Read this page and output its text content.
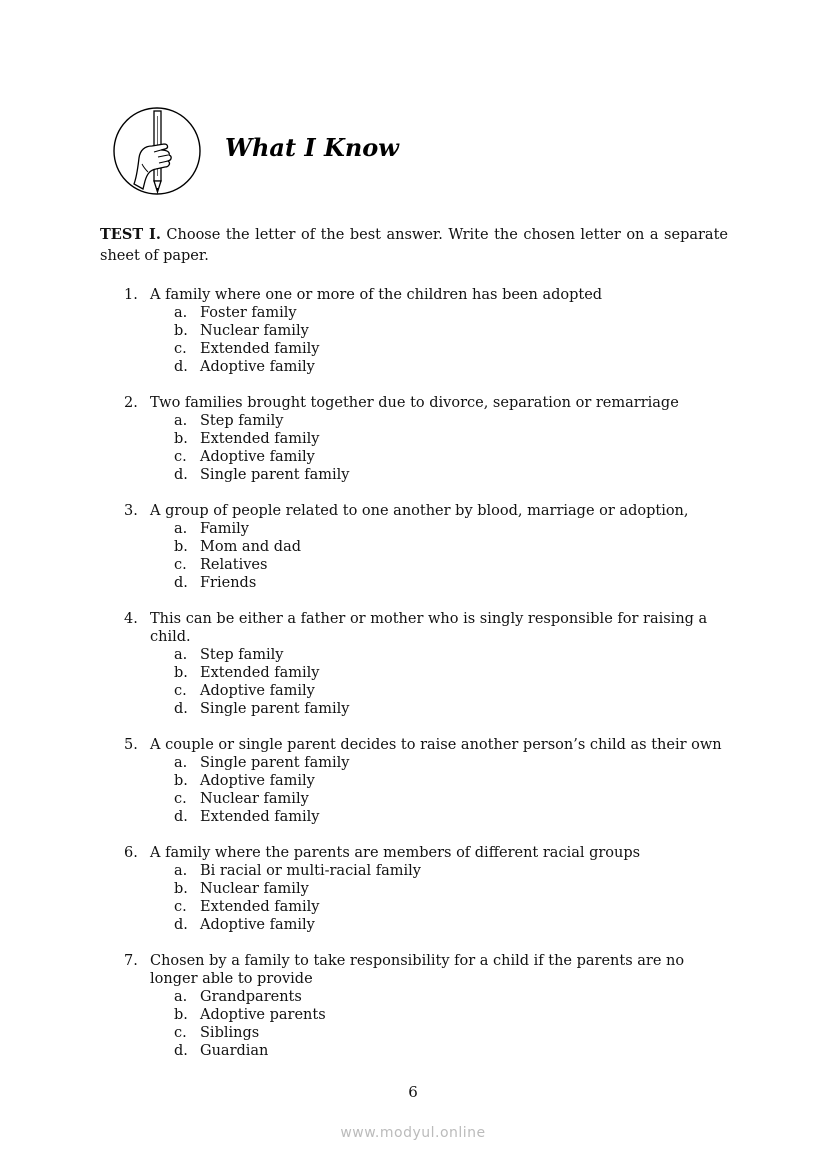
What I Know
TEST I. Choose the letter of the best answer. Write the chosen letter on a separate sheet of paper.
1. A family where one or more of the children has been adopted
a. Foster family
b. Nuclear family
c. Extended family
d. Adoptive family
2. Two families brought together due to divorce, separation or remarriage
a. Step family
b. Extended family
c. Adoptive family
d. Single parent family
3. A group of people related to one another by blood, marriage or adoption,
a. Family
b. Mom and dad
c. Relatives
d. Friends
4. This can be either a father or mother who is singly responsible for raising a child.
a. Step family
b. Extended family
c. Adoptive family
d. Single parent family
5. A couple or single parent decides to raise another person’s child as their own
a. Single parent family
b. Adoptive family
c. Nuclear family
d. Extended family
6. A family where the parents are members of different racial groups
a. Bi racial or multi-racial family
b. Nuclear family
c. Extended family
d. Adoptive family
7. Chosen by a family to take responsibility for a child if the parents are no longer able to provide
a. Grandparents
b. Adoptive parents
c. Siblings
d. Guardian
6
www.modyul.online
